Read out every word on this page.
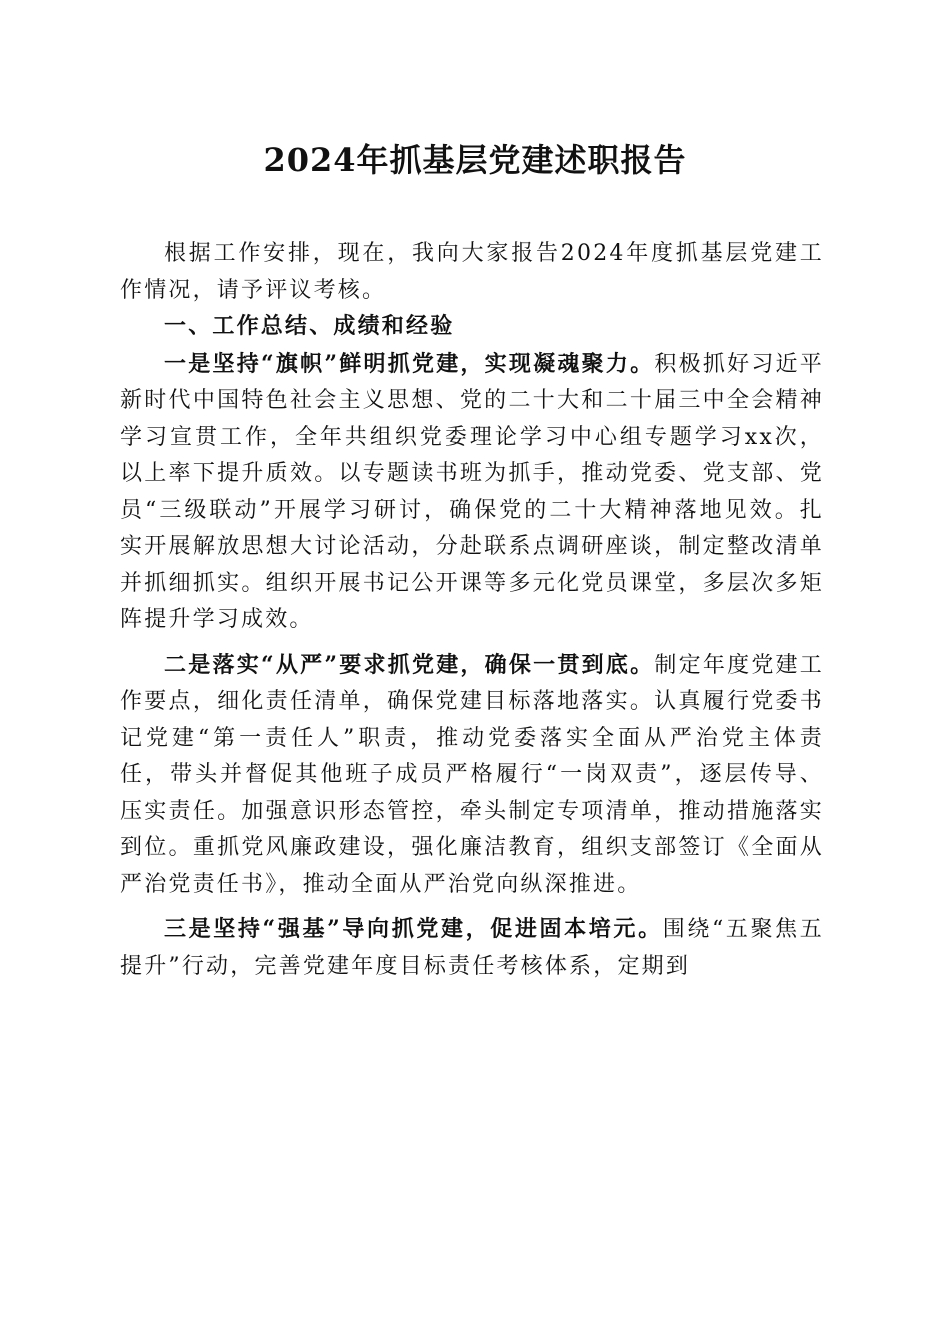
2024年抓基层党建述职报告

根据工作安排，现在，我向大家报告2024年度抓基层党建工作情况，请予评议考核。

一、工作总结、成绩和经验

一是坚持“旗帜”鲜明抓党建，实现凝魂聚力。积极抓好习近平新时代中国特色社会主义思想、党的二十大和二十届三中全会精神学习宣贯工作，全年共组织党委理论学习中心组专题学习xx次，以上率下提升质效。以专题读书班为抓手，推动党委、党支部、党员“三级联动”开展学习研讨，确保党的二十大精神落地见效。扎实开展解放思想大讨论活动，分赴联系点调研座谈，制定整改清单并抓细抓实。组织开展书记公开课等多元化党员课堂，多层次多矩阵提升学习成效。

二是落实“从严”要求抓党建，确保一贯到底。制定年度党建工作要点，细化责任清单，确保党建目标落地落实。认真履行党委书记党建“第一责任人”职责，推动党委落实全面从严治党主体责任，带头并督促其他班子成员严格履行“一岗双责”，逐层传导、压实责任。加强意识形态管控，牵头制定专项清单，推动措施落实到位。重抓党风廉政建设，强化廉洁教育，组织支部签订《全面从严治党责任书》，推动全面从严治党向纵深推进。

三是坚持“强基”导向抓党建，促进固本培元。围绕“五聚焦五提升”行动，完善党建年度目标责任考核体系，定期到
